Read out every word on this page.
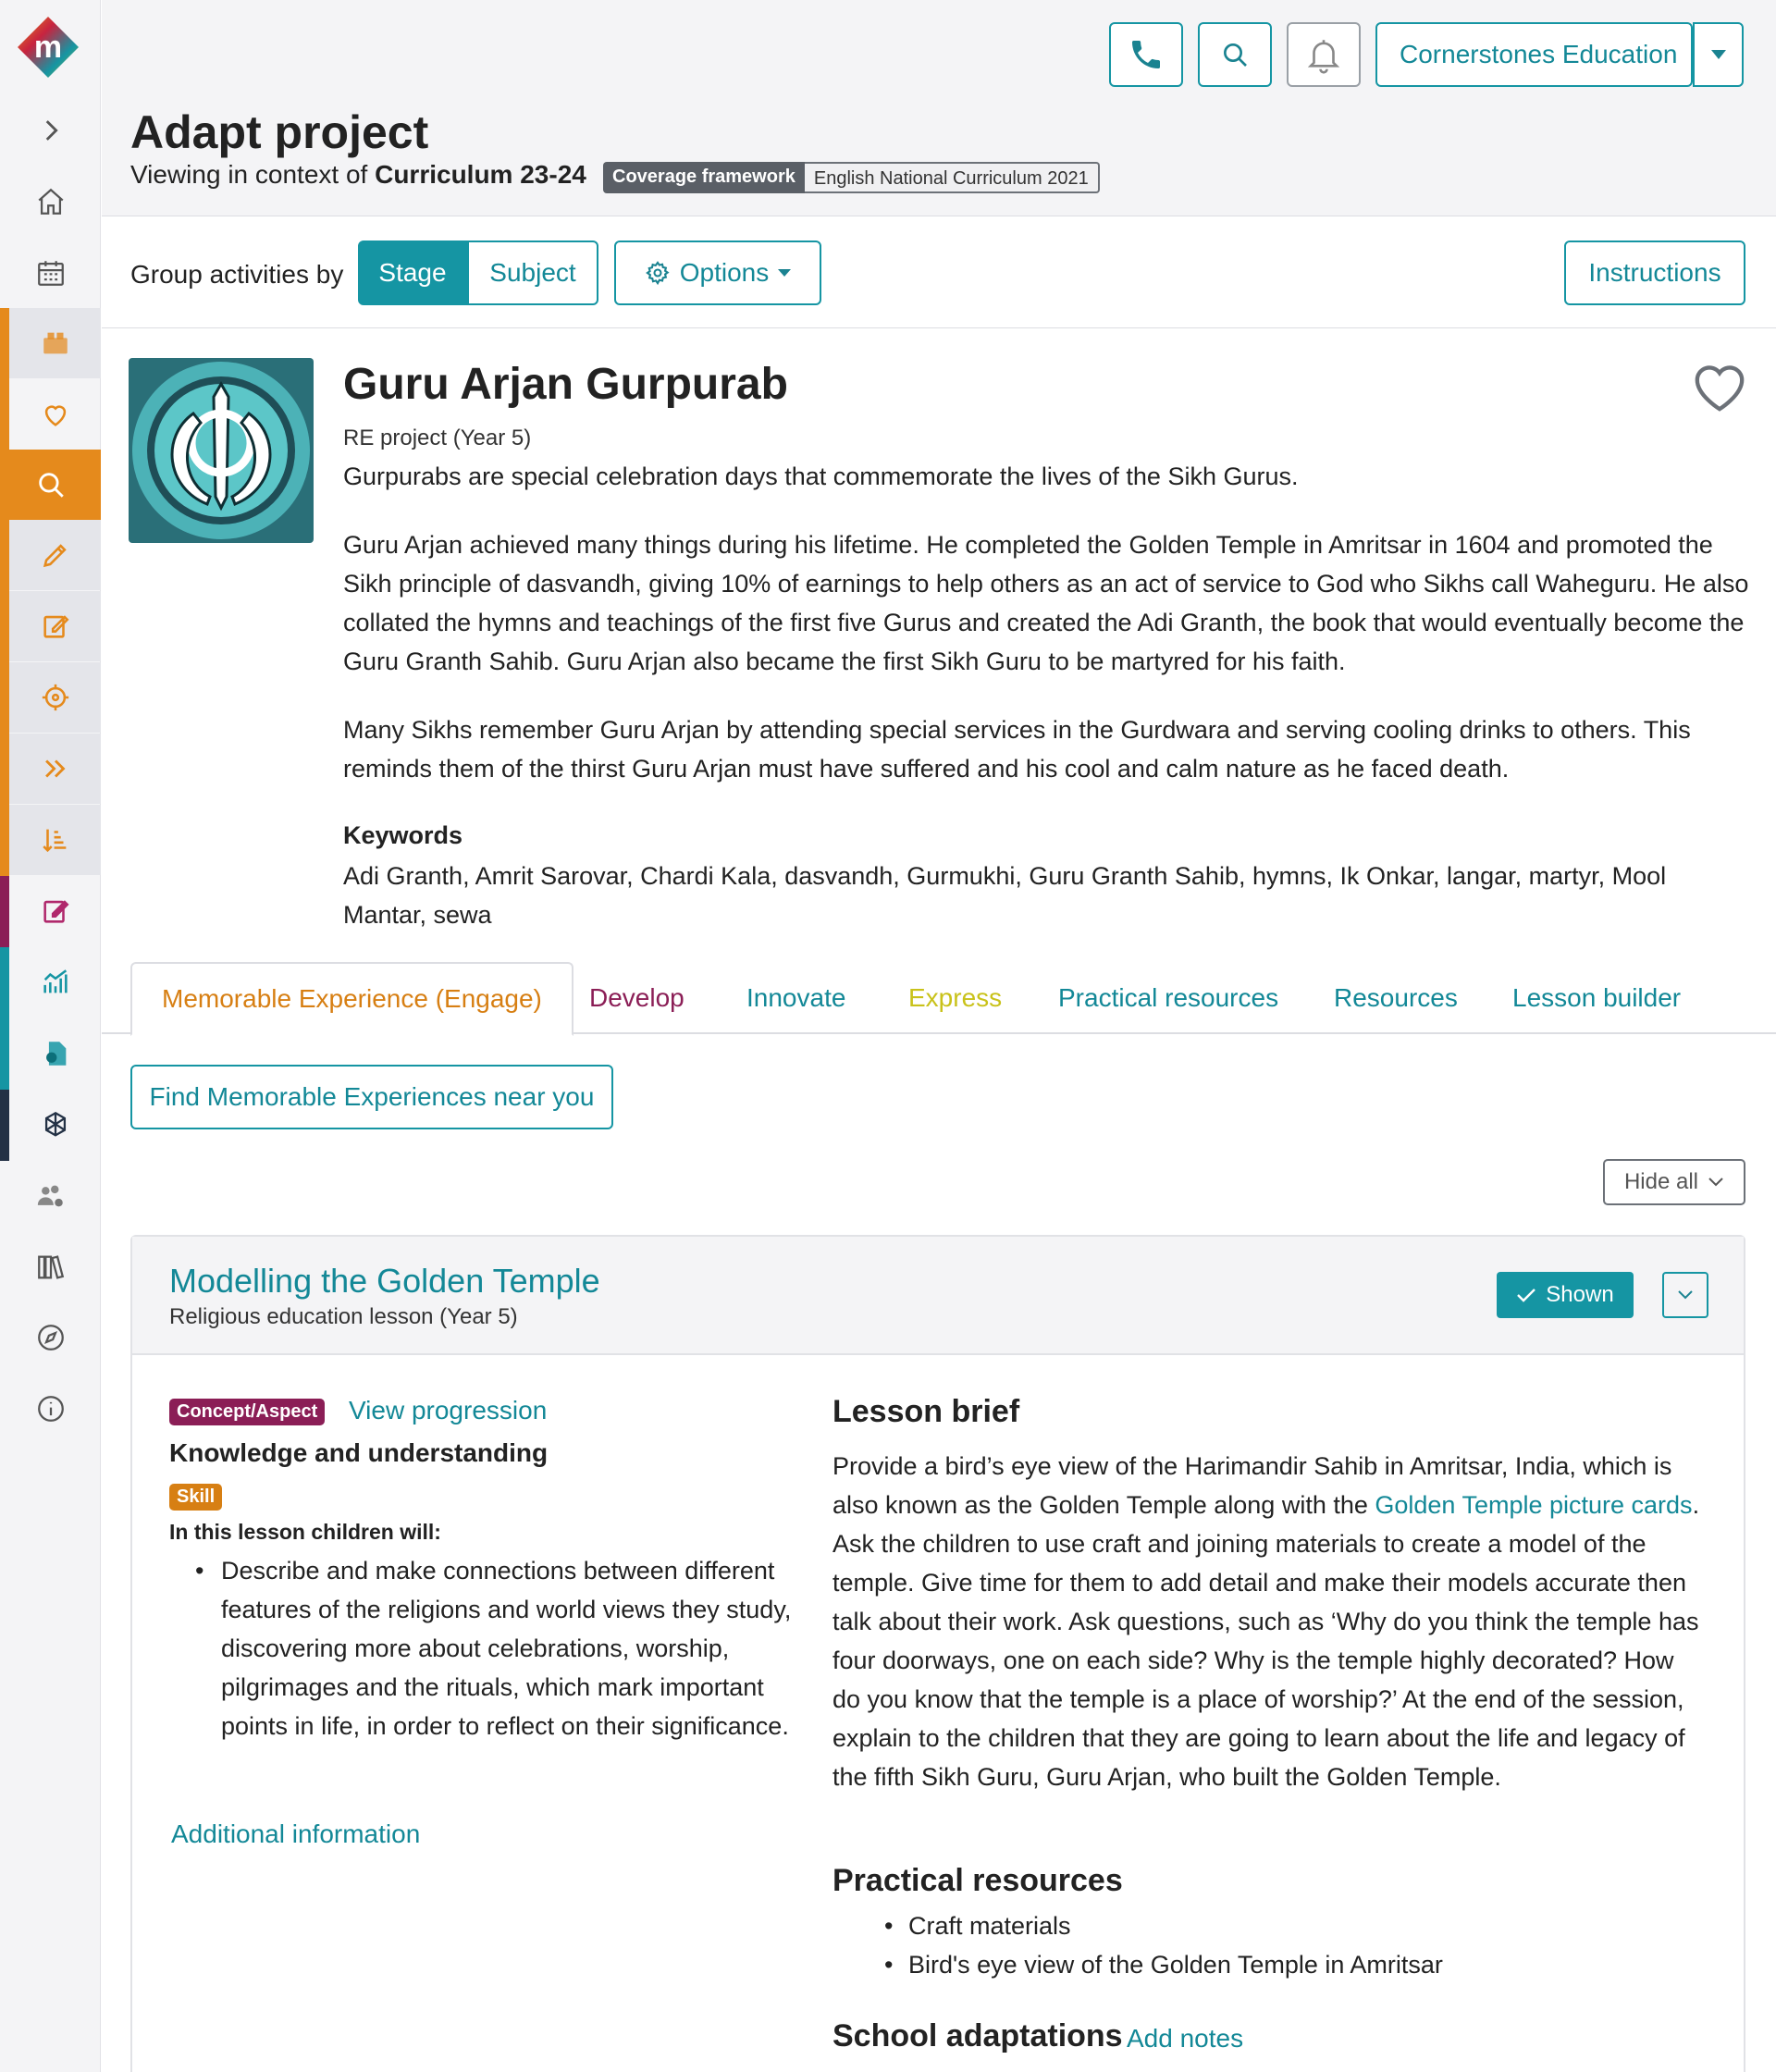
m	Cornerstones Education
Adapt project
Viewing in context of Curriculum 23-24	Coverage framework	English National Curriculum 2021
Group activities by	Stage	Subject	Options	Instructions
Guru Arjan Gurpurab
RE project (Year 5)

Gurpurabs are special celebration days that commemorate the lives of the Sikh Gurus.

Guru Arjan achieved many things during his lifetime. He completed the Golden Temple in Amritsar in 1604 and promoted the Sikh principle of dasvandh, giving 10% of earnings to help others as an act of service to God who Sikhs call Waheguru. He also collated the hymns and teachings of the first five Gurus and created the Adi Granth, the book that would eventually become the Guru Granth Sahib. Guru Arjan also became the first Sikh Guru to be martyred for his faith.

Many Sikhs remember Guru Arjan by attending special services in the Gurdwara and serving cooling drinks to others. This reminds them of the thirst Guru Arjan must have suffered and his cool and calm nature as he faced death.

Keywords

Adi Granth, Amrit Sarovar, Chardi Kala, dasvandh, Gurmukhi, Guru Granth Sahib, hymns, Ik Onkar, langar, martyr, Mool Mantar, sewa

Memorable Experience (Engage)	Develop Innovate Express Practical resources Resources Lesson builder
Find Memorable Experiences near you
Hide all
Modelling the Golden Temple
Religious education lesson (Year 5)
Shown
Concept/Aspect View progression
Knowledge and understanding
Skill
In this lesson children will:
• Describe and make connections between different features of the religions and world views they study, discovering more about celebrations, worship, pilgrimages and the rituals, which mark important points in life, in order to reflect on their significance.
Additional information
Lesson brief

Provide a bird’s eye view of the Harimandir Sahib in Amritsar, India, which is also known as the Golden Temple along with the Golden Temple picture cards. Ask the children to use craft and joining materials to create a model of the temple. Give time for them to add detail and make their models accurate then talk about their work. Ask questions, such as ‘Why do you think the temple has four doorways, one on each side? Why is the temple highly decorated? How do you know that the temple is a place of worship?’ At the end of the session, explain to the children that they are going to learn about the life and legacy of the fifth Sikh Guru, Guru Arjan, who built the Golden Temple.

Practical resources
• Craft materials
• Bird's eye view of the Golden Temple in Amritsar
School adaptations Add notes
